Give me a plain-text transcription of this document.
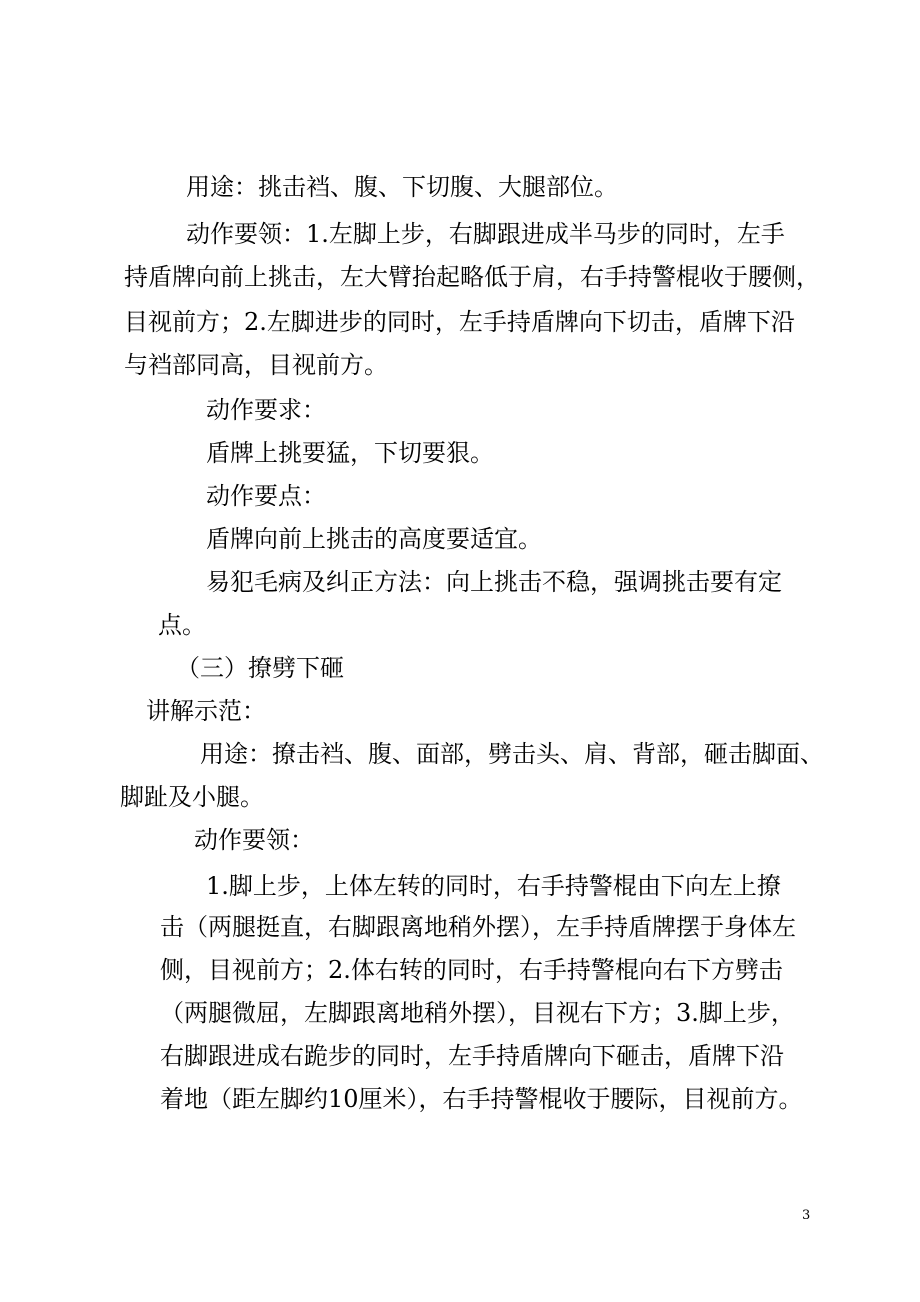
用途：挑击裆、腹、下切腹、大腿部位。
动作要领：1.左脚上步，右脚跟进成半马步的同时，左手
持盾牌向前上挑击，左大臂抬起略低于肩，右手持警棍收于腰侧，
目视前方；2.左脚进步的同时，左手持盾牌向下切击，盾牌下沿
与裆部同高，目视前方。
动作要求：
盾牌上挑要猛，下切要狠。
动作要点：
盾牌向前上挑击的高度要适宜。
易犯毛病及纠正方法：向上挑击不稳，强调挑击要有定
点。
（三）撩劈下砸
讲解示范：
用途：撩击裆、腹、面部，劈击头、肩、背部，砸击脚面、
脚趾及小腿。
动作要领：
1.脚上步，上体左转的同时，右手持警棍由下向左上撩
击（两腿挺直，右脚跟离地稍外摆），左手持盾牌摆于身体左
侧，目视前方；2.体右转的同时，右手持警棍向右下方劈击
（两腿微屈，左脚跟离地稍外摆），目视右下方；3.脚上步，
右脚跟进成右跪步的同时，左手持盾牌向下砸击，盾牌下沿
着地（距左脚约10厘米），右手持警棍收于腰际，目视前方。
3
